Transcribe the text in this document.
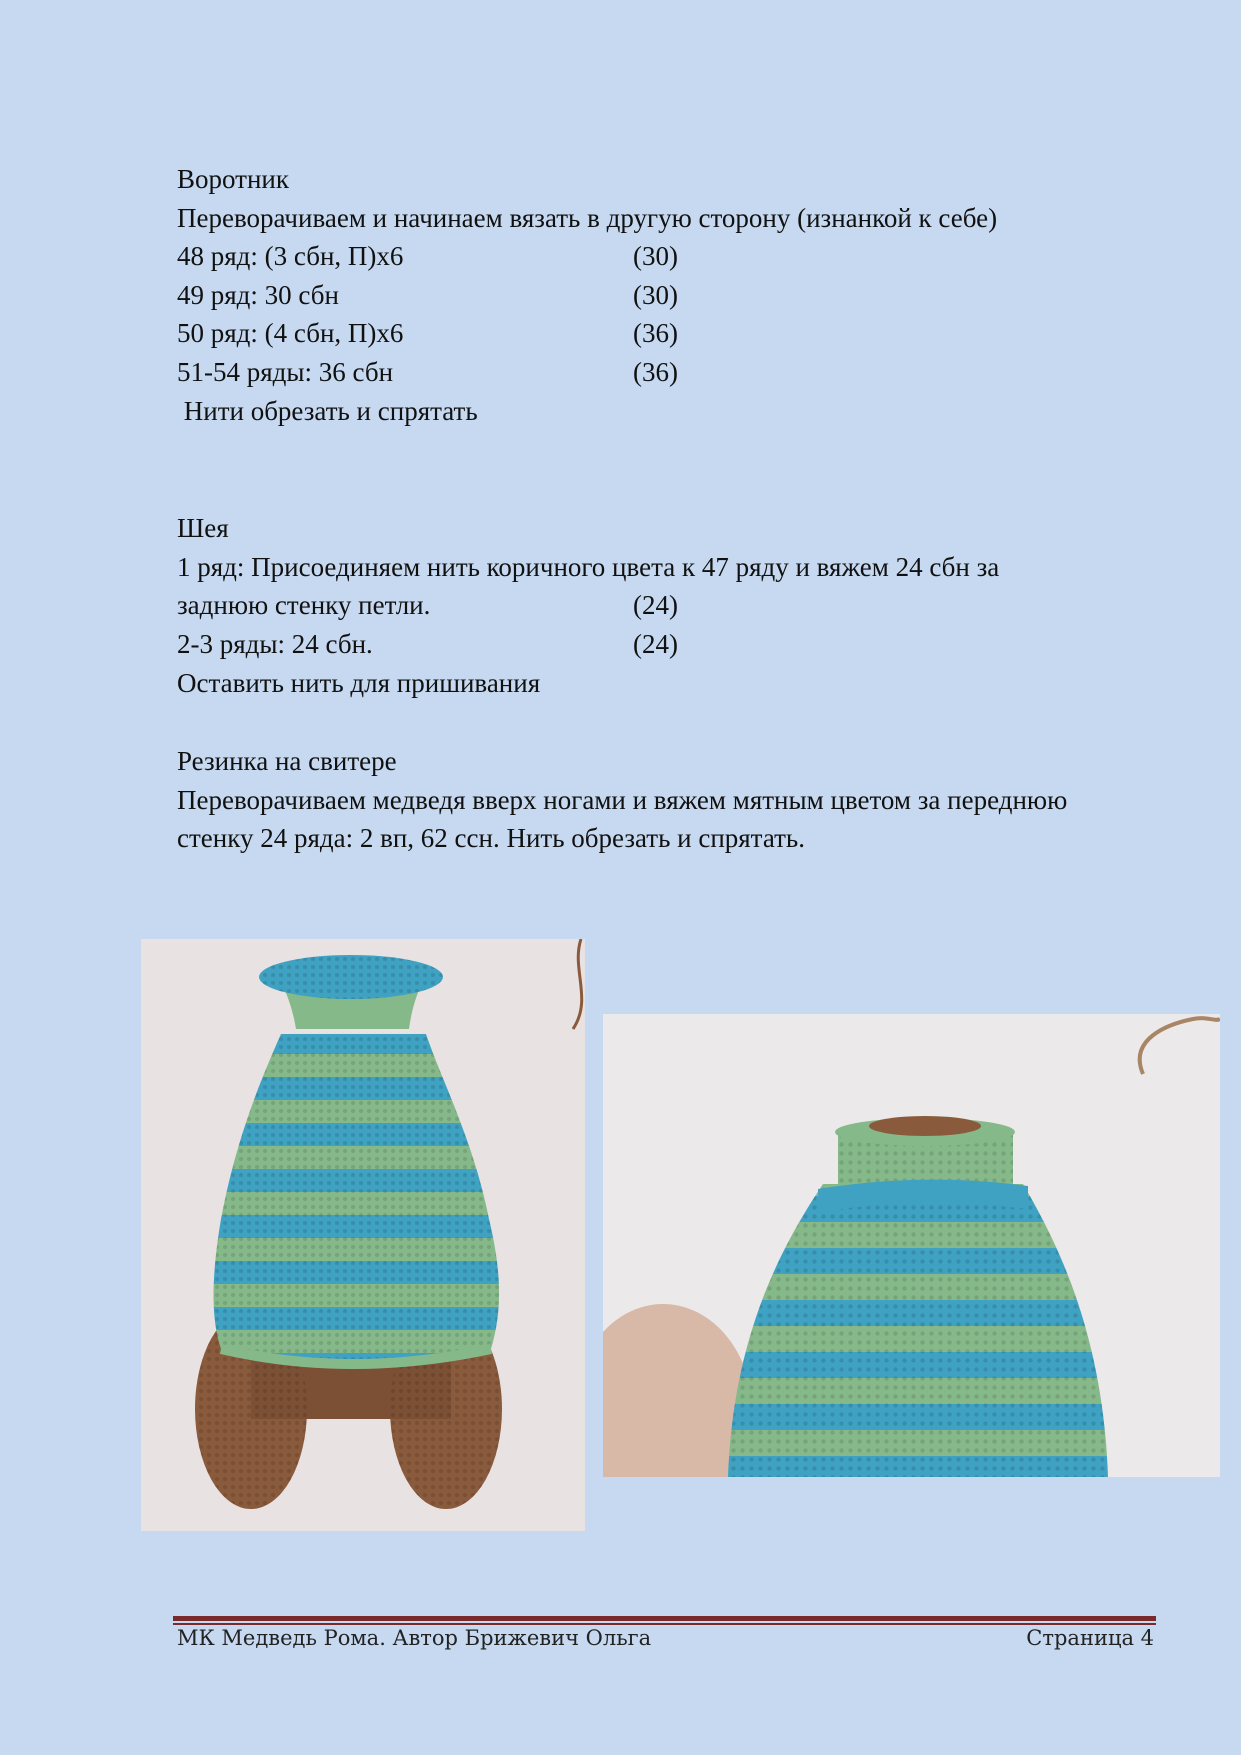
Воротник
Переворачиваем и начинаем вязать в другую сторону (изнанкой к себе)
48 ряд: (3 сбн, П)х6	(30)
49 ряд: 30 сбн	(30)
50 ряд: (4 сбн, П)х6	(36)
51-54 ряды: 36 сбн	(36)
Нити обрезать и спрятать
Шея
1 ряд: Присоединяем нить коричного цвета к 47 ряду и вяжем 24 сбн за
заднюю стенку петли.	(24)
2-3 ряды: 24 сбн.	(24)
Оставить нить для пришивания
Резинка на свитере
Переворачиваем медведя вверх ногами и вяжем мятным цветом за переднюю
стенку 24 ряда: 2 вп, 62 ссн. Нить обрезать и спрятать.
МК Медведь Рома. Автор Брижевич Ольга	Страница 4
